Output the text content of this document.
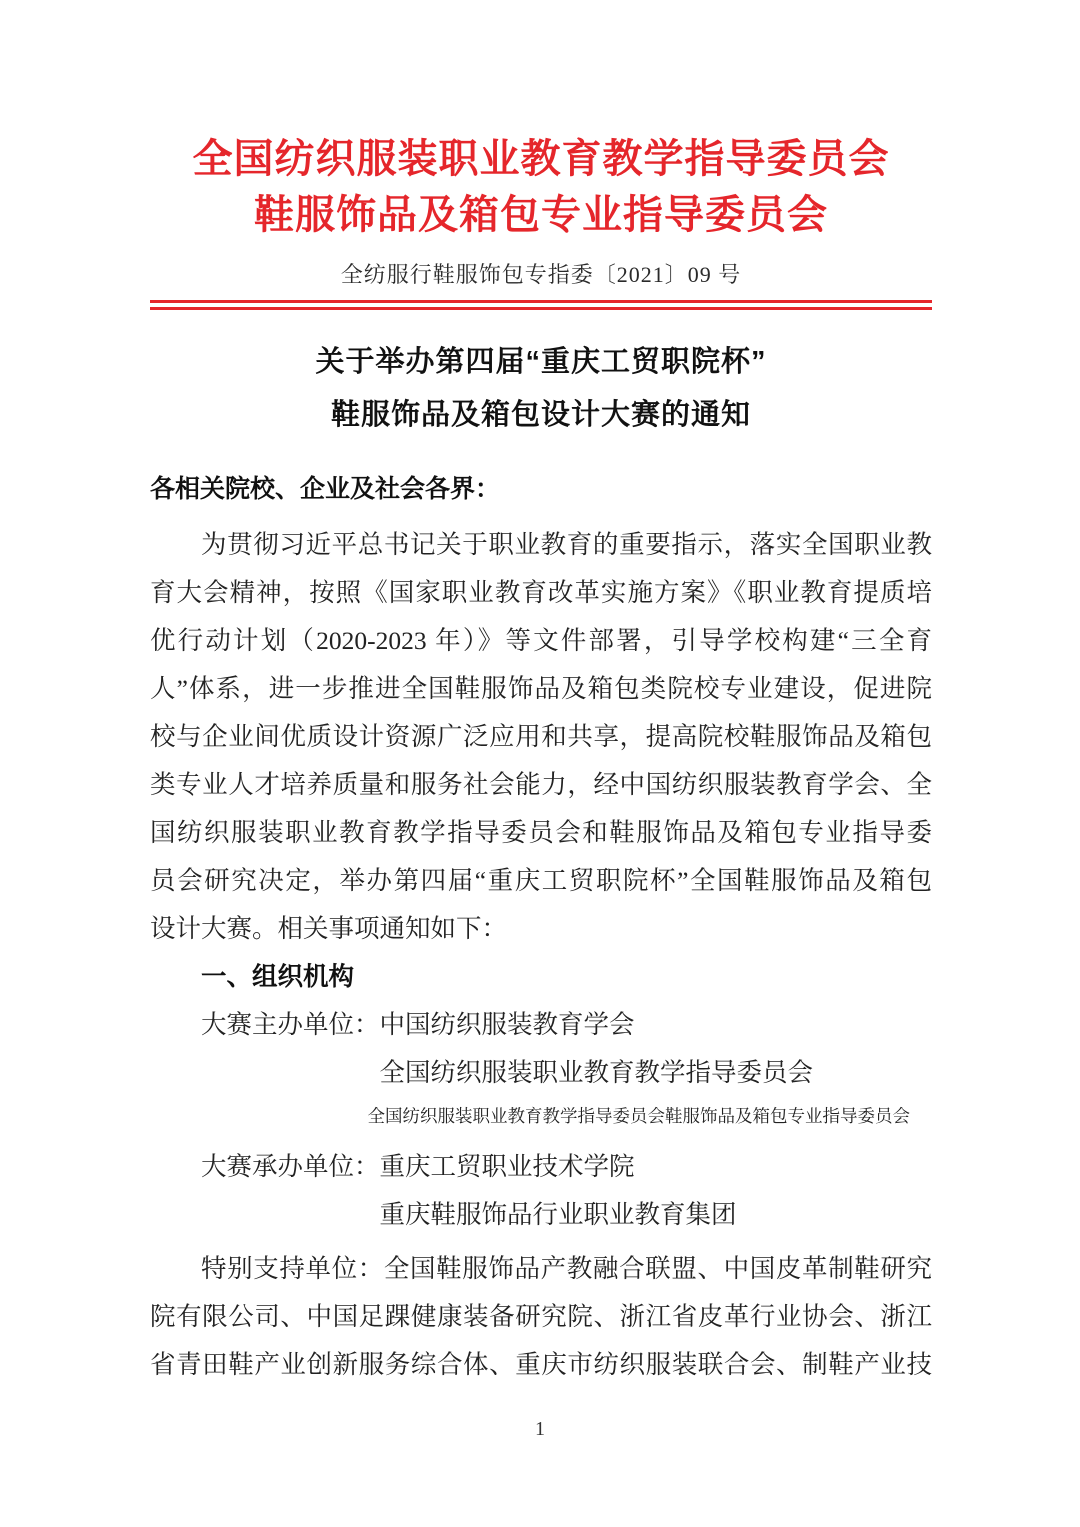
全国纺织服装职业教育教学指导委员会
鞋服饰品及箱包专业指导委员会
全纺服行鞋服饰包专指委〔2021〕09 号
关于举办第四届“重庆工贸职院杯”
鞋服饰品及箱包设计大赛的通知
各相关院校、企业及社会各界：
为贯彻习近平总书记关于职业教育的重要指示，落实全国职业教
育大会精神，按照《国家职业教育改革实施方案》《职业教育提质培
优行动计划（2020-2023 年）》等文件部署，引导学校构建“三全育
人”体系，进一步推进全国鞋服饰品及箱包类院校专业建设，促进院
校与企业间优质设计资源广泛应用和共享，提高院校鞋服饰品及箱包
类专业人才培养质量和服务社会能力，经中国纺织服装教育学会、全
国纺织服装职业教育教学指导委员会和鞋服饰品及箱包专业指导委
员会研究决定，举办第四届“重庆工贸职院杯”全国鞋服饰品及箱包
设计大赛。相关事项通知如下：
一、组织机构
大赛主办单位： 中国纺织服装教育学会
全国纺织服装职业教育教学指导委员会
全国纺织服装职业教育教学指导委员会鞋服饰品及箱包专业指导委员会
大赛承办单位： 重庆工贸职业技术学院
重庆鞋服饰品行业职业教育集团
特别支持单位：全国鞋服饰品产教融合联盟、中国皮革制鞋研究
院有限公司、中国足踝健康装备研究院、浙江省皮革行业协会、浙江
省青田鞋产业创新服务综合体、重庆市纺织服装联合会、制鞋产业技
1
